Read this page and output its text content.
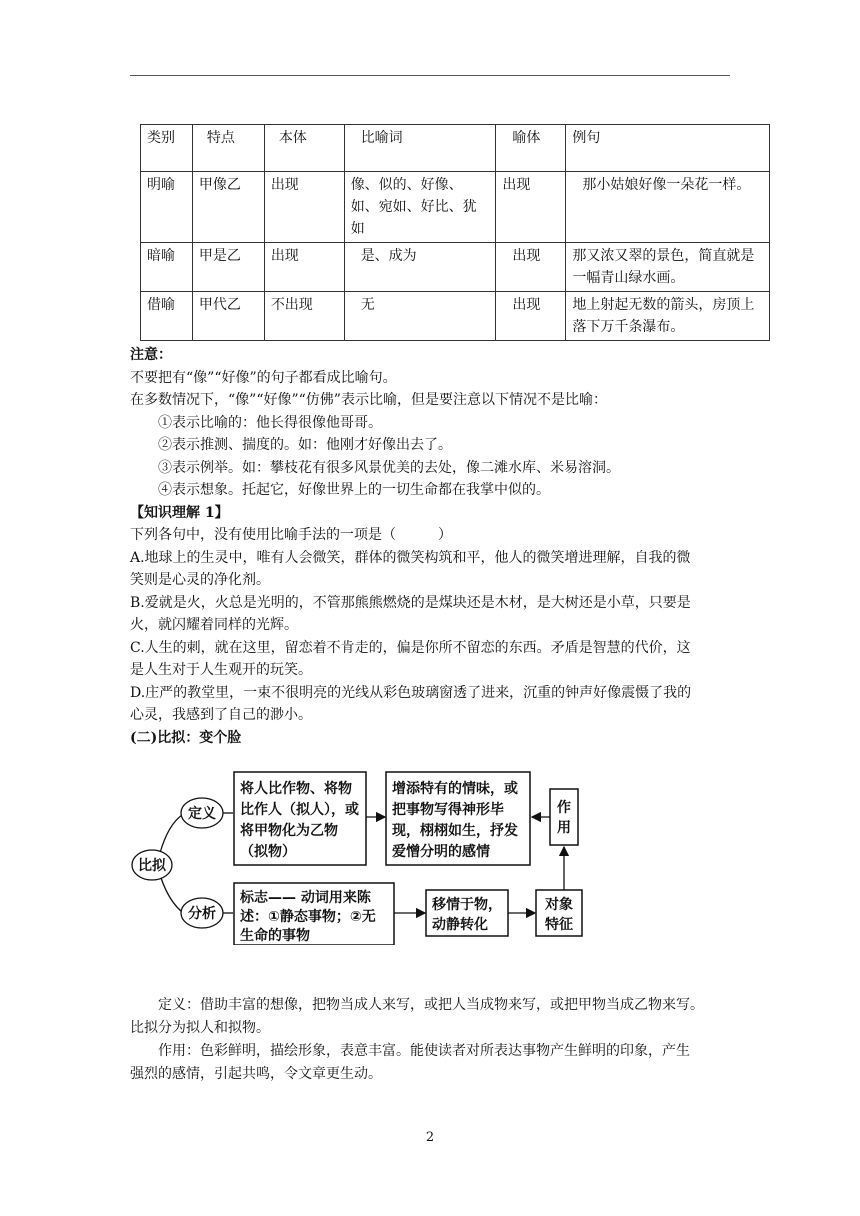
类别	特点	本体	比喻词	喻体	例句
明喻	甲像乙	出现	像、似的、好像、如、宛如、好比、犹如	出现	那小姑娘好像一朵花一样。
暗喻	甲是乙	出现	是、成为	出现	那又浓又翠的景色，简直就是一幅青山绿水画。
借喻	甲代乙	不出现	无	出现	地上射起无数的箭头，房顶上落下万千条瀑布。
注意：
不要把有“像”“好像”的句子都看成比喻句。
在多数情况下，“像”“好像”“仿佛”表示比喻，但是要注意以下情况不是比喻：
①表示比喻的：他长得很像他哥哥。
②表示推测、揣度的。如：他刚才好像出去了。
③表示例举。如：攀枝花有很多风景优美的去处，像二滩水库、米易溶洞。
④表示想象。托起它，好像世界上的一切生命都在我掌中似的。
【知识理解 1】
下列各句中，没有使用比喻手法的一项是（　　　）
A.地球上的生灵中，唯有人会微笑，群体的微笑构筑和平，他人的微笑增进理解，自我的微
笑则是心灵的净化剂。
B.爱就是火，火总是光明的，不管那熊熊燃烧的是煤块还是木材，是大树还是小草，只要是
火，就闪耀着同样的光辉。
C.人生的刺，就在这里，留恋着不肯走的，偏是你所不留恋的东西。矛盾是智慧的代价，这
是人生对于人生观开的玩笑。
D.庄严的教堂里，一束不很明亮的光线从彩色玻璃窗透了进来，沉重的钟声好像震慑了我的
心灵，我感到了自己的渺小。
(二)比拟：变个脸
比拟
定义
分析
将人比作物、将物
比作人（拟人），或
将甲物化为乙物
（拟物）
增添特有的情味，或
把事物写得神形毕
现，栩栩如生，抒发
爱憎分明的感情
作
用
标志—— 动词用来陈
述：①静态事物；②无
生命的事物
移情于物，
动静转化
对象
特征
定义：借助丰富的想像，把物当成人来写，或把人当成物来写，或把甲物当成乙物来写。
比拟分为拟人和拟物。
作用：色彩鲜明，描绘形象，表意丰富。能使读者对所表达事物产生鲜明的印象，产生
强烈的感情，引起共鸣，令文章更生动。
2
